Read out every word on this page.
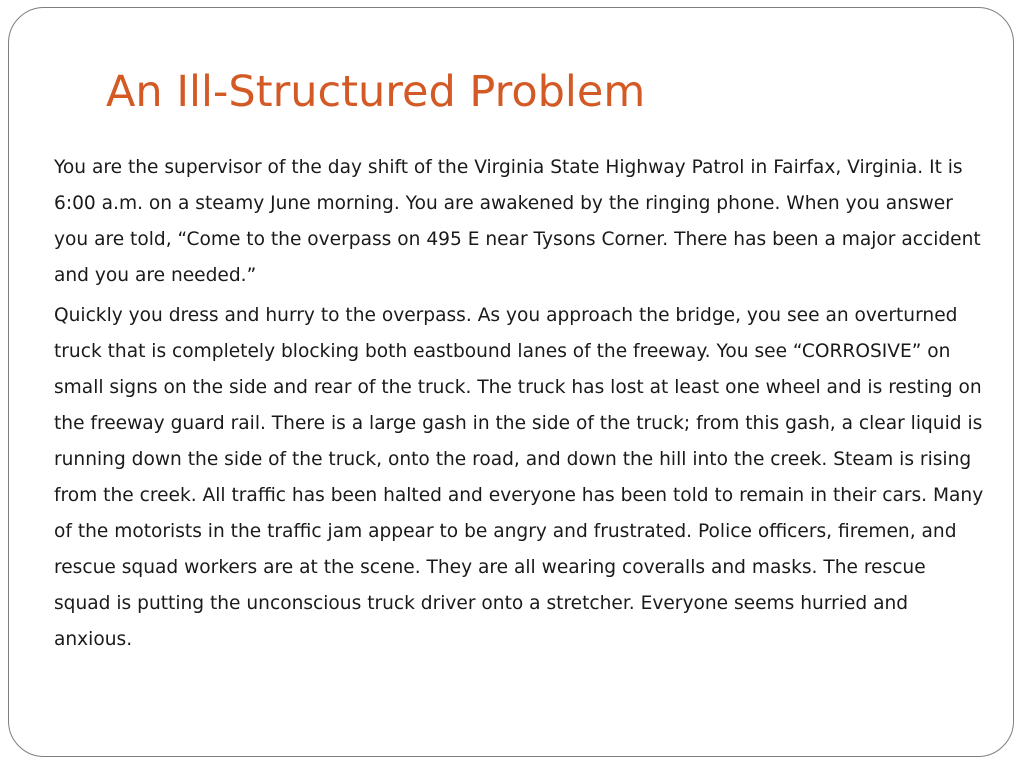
An Ill-Structured Problem

You are the supervisor of the day shift of the Virginia State Highway Patrol in Fairfax, Virginia. It is 6:00 a.m. on a steamy June morning. You are awakened by the ringing phone. When you answer you are told, “Come to the overpass on 495 E near Tysons Corner. There has been a major accident and you are needed.”

Quickly you dress and hurry to the overpass. As you approach the bridge, you see an overturned truck that is completely blocking both eastbound lanes of the freeway. You see “CORROSIVE” on small signs on the side and rear of the truck. The truck has lost at least one wheel and is resting on the freeway guard rail. There is a large gash in the side of the truck; from this gash, a clear liquid is running down the side of the truck, onto the road, and down the hill into the creek. Steam is rising from the creek. All traffic has been halted and everyone has been told to remain in their cars. Many of the motorists in the traffic jam appear to be angry and frustrated. Police officers, firemen, and rescue squad workers are at the scene. They are all wearing coveralls and masks. The rescue squad is putting the unconscious truck driver onto a stretcher. Everyone seems hurried and anxious.
